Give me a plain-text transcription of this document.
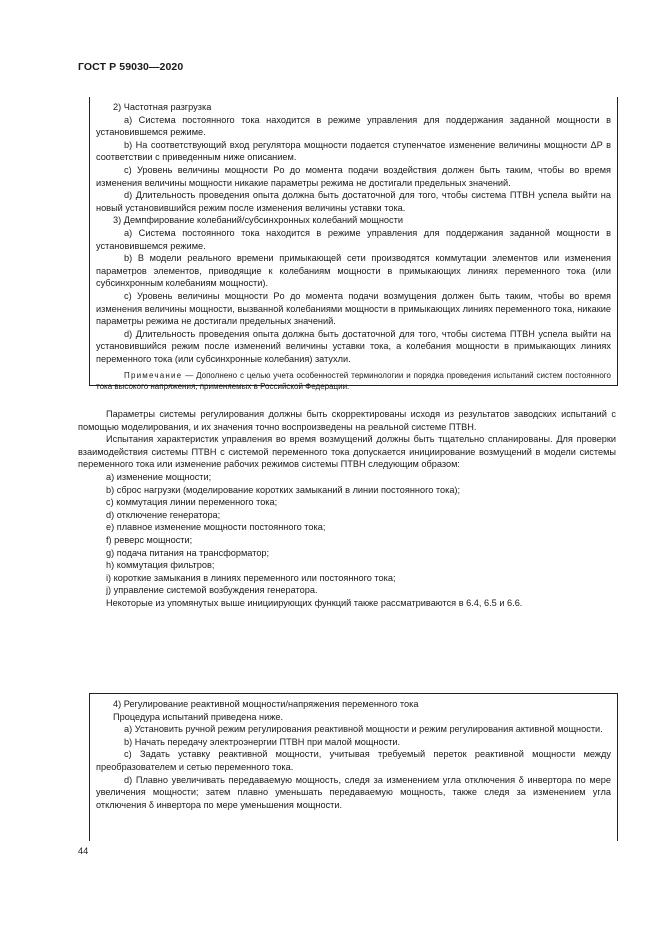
ГОСТ Р 59030—2020

2) Частотная разгрузка

а) Система постоянного тока находится в режиме управления для поддержания заданной мощности в установившемся режиме.

b) На соответствующий вход регулятора мощности подается ступенчатое изменение величины мощности ΔP в соответствии с приведенным ниже описанием.

с) Уровень величины мощности Pо до момента подачи воздействия должен быть таким, чтобы во время изменения величины мощности никакие параметры режима не достигали предельных значений.

d) Длительность проведения опыта должна быть достаточной для того, чтобы система ПТВН успела выйти на новый установившийся режим после изменения величины уставки тока.

3) Демпфирование колебаний/субсинхронных колебаний мощности

а) Система постоянного тока находится в режиме управления для поддержания заданной мощности в установившемся режиме.

b) В модели реального времени примыкающей сети производятся коммутации элементов или изменения параметров элементов, приводящие к колебаниям мощности в примыкающих линиях переменного тока (или субсинхронным колебаниям мощности).

с) Уровень величины мощности Pо до момента подачи возмущения должен быть таким, чтобы во время изменения величины мощности, вызванной колебаниями мощности в примыкающих линиях переменного тока, никакие параметры режима не достигали предельных значений.

d) Длительность проведения опыта должна быть достаточной для того, чтобы система ПТВН успела выйти на установившийся режим после изменений величины уставки тока, а колебания мощности в примыкающих линиях переменного тока (или субсинхронные колебания) затухли.

Примечание — Дополнено с целью учета особенностей терминологии и порядка проведения испытаний систем постоянного тока высокого напряжения, применяемых в Российской Федерации.

Параметры системы регулирования должны быть скорректированы исходя из результатов заводских испытаний с помощью моделирования, и их значения точно воспроизведены на реальной системе ПТВН.

Испытания характеристик управления во время возмущений должны быть тщательно спланированы. Для проверки взаимодействия системы ПТВН с системой переменного тока допускается инициирование возмущений в модели системы переменного тока или изменение рабочих режимов системы ПТВН следующим образом:

а) изменение мощности;
b) сброс нагрузки (моделирование коротких замыканий в линии постоянного тока);
с) коммутация линии переменного тока;
d) отключение генератора;
е) плавное изменение мощности постоянного тока;
f) реверс мощности;
g) подача питания на трансформатор;
h) коммутация фильтров;
i) короткие замыкания в линиях переменного или постоянного тока;
j) управление системой возбуждения генератора.

Некоторые из упомянутых выше инициирующих функций также рассматриваются в 6.4, 6.5 и 6.6.

4) Регулирование реактивной мощности/напряжения переменного тока

Процедура испытаний приведена ниже.

а) Установить ручной режим регулирования реактивной мощности и режим регулирования активной мощности.

b) Начать передачу электроэнергии ПТВН при малой мощности.

с) Задать уставку реактивной мощности, учитывая требуемый переток реактивной мощности между преобразователем и сетью переменного тока.

d) Плавно увеличивать передаваемую мощность, следя за изменением угла отключения δ инвертора по мере увеличения мощности; затем плавно уменьшать передаваемую мощность, также следя за изменением угла отключения δ инвертора по мере уменьшения мощности.

44
